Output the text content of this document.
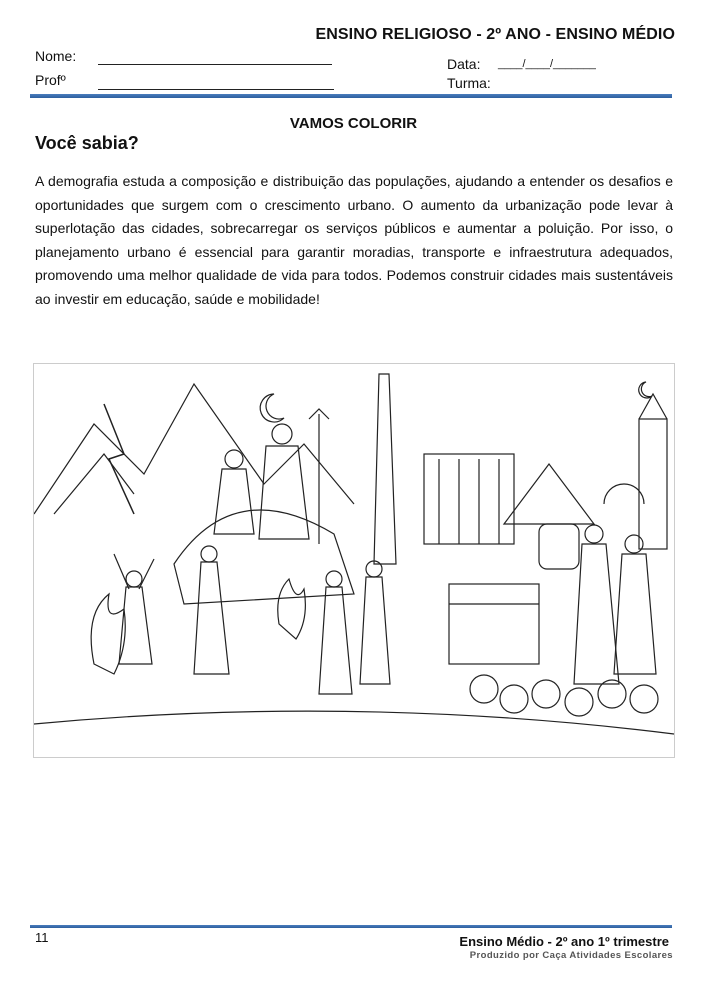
ENSINO RELIGIOSO - 2º ANO - ENSINO MÉDIO
Nome:
Profº
Data: ____/____/_______
Turma:
VAMOS COLORIR
Você sabia?
A demografia estuda a composição e distribuição das populações, ajudando a entender os desafios e oportunidades que surgem com o crescimento urbano. O aumento da urbanização pode levar à superlotação das cidades, sobrecarregar os serviços públicos e aumentar a poluição. Por isso, o planejamento urbano é essencial para garantir moradias, transporte e infraestrutura adequados, promovendo uma melhor qualidade de vida para todos. Podemos construir cidades mais sustentáveis ao investir em educação, saúde e mobilidade!
11	Ensino Médio - 2º ano 1º trimestre
Produzido por Caça Atividades Escolares
